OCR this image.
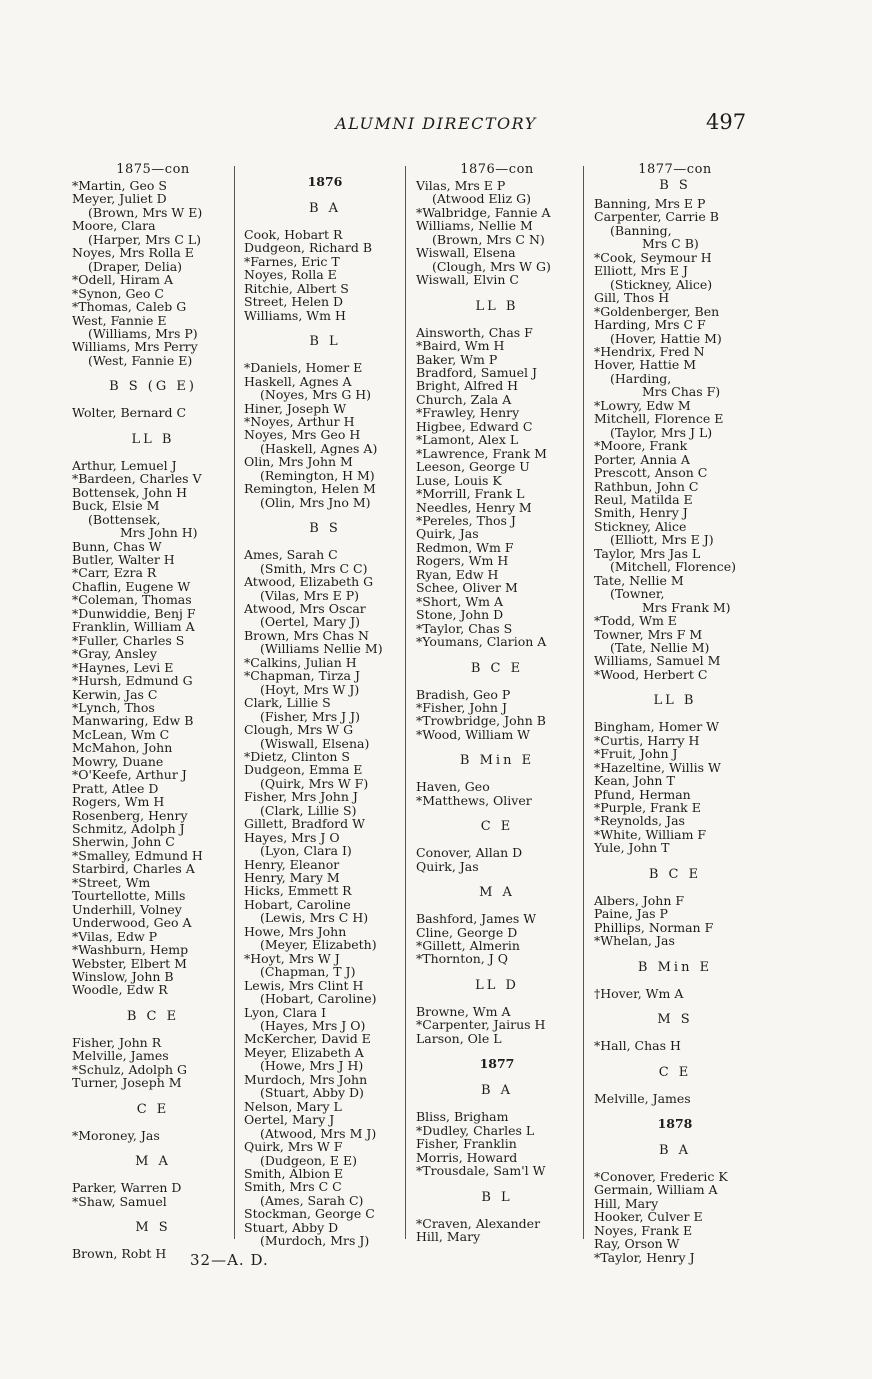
ALUMNI DIRECTORY	497
1875—con
*Martin, Geo S
Meyer, Juliet D
(Brown, Mrs W E)
Moore, Clara
(Harper, Mrs C L)
Noyes, Mrs Rolla E
(Draper, Delia)
*Odell, Hiram A
*Synon, Geo C
*Thomas, Caleb G
West, Fannie E
(Williams, Mrs P)
Williams, Mrs Perry
(West, Fannie E)
B S (G E)
Wolter, Bernard C
LL B
Arthur, Lemuel J
*Bardeen, Charles V
Bottensek, John H
Buck, Elsie M
(Bottensek,
Mrs John H)
Bunn, Chas W
Butler, Walter H
*Carr, Ezra R
Chaflin, Eugene W
*Coleman, Thomas
*Dunwiddie, Benj F
Franklin, William A
*Fuller, Charles S
*Gray, Ansley
*Haynes, Levi E
*Hursh, Edmund G
Kerwin, Jas C
*Lynch, Thos
Manwaring, Edw B
McLean, Wm C
McMahon, John
Mowry, Duane
*O'Keefe, Arthur J
Pratt, Atlee D
Rogers, Wm H
Rosenberg, Henry
Schmitz, Adolph J
Sherwin, John C
*Smalley, Edmund H
Starbird, Charles A
*Street, Wm
Tourtellotte, Mills
Underhill, Volney
Underwood, Geo A
*Vilas, Edw P
*Washburn, Hemp
Webster, Elbert M
Winslow, John B
Woodle, Edw R
B C E
Fisher, John R
Melville, James
*Schulz, Adolph G
Turner, Joseph M
C E
*Moroney, Jas
M A
Parker, Warren D
*Shaw, Samuel
M S
Brown, Robt H
1876
B A
Cook, Hobart R
Dudgeon, Richard B
*Farnes, Eric T
Noyes, Rolla E
Ritchie, Albert S
Street, Helen D
Williams, Wm H
B L
*Daniels, Homer E
Haskell, Agnes A
(Noyes, Mrs G H)
Hiner, Joseph W
*Noyes, Arthur H
Noyes, Mrs Geo H
(Haskell, Agnes A)
Olin, Mrs John M
(Remington, H M)
Remington, Helen M
(Olin, Mrs Jno M)
B S
Ames, Sarah C
(Smith, Mrs C C)
Atwood, Elizabeth G
(Vilas, Mrs E P)
Atwood, Mrs Oscar
(Oertel, Mary J)
Brown, Mrs Chas N
(Williams Nellie M)
*Calkins, Julian H
*Chapman, Tirza J
(Hoyt, Mrs W J)
Clark, Lillie S
(Fisher, Mrs J J)
Clough, Mrs W G
(Wiswall, Elsena)
*Dietz, Clinton S
Dudgeon, Emma E
(Quirk, Mrs W F)
Fisher, Mrs John J
(Clark, Lillie S)
Gillett, Bradford W
Hayes, Mrs J O
(Lyon, Clara I)
Henry, Eleanor
Henry, Mary M
Hicks, Emmett R
Hobart, Caroline
(Lewis, Mrs C H)
Howe, Mrs John
(Meyer, Elizabeth)
*Hoyt, Mrs W J
(Chapman, T J)
Lewis, Mrs Clint H
(Hobart, Caroline)
Lyon, Clara I
(Hayes, Mrs J O)
McKercher, David E
Meyer, Elizabeth A
(Howe, Mrs J H)
Murdoch, Mrs John
(Stuart, Abby D)
Nelson, Mary L
Oertel, Mary J
(Atwood, Mrs M J)
Quirk, Mrs W F
(Dudgeon, E E)
Smith, Albion E
Smith, Mrs C C
(Ames, Sarah C)
Stockman, George C
Stuart, Abby D
(Murdoch, Mrs J)
1876—con
Vilas, Mrs E P
(Atwood Eliz G)
*Walbridge, Fannie A
Williams, Nellie M
(Brown, Mrs C N)
Wiswall, Elsena
(Clough, Mrs W G)
Wiswall, Elvin C
LL B
Ainsworth, Chas F
*Baird, Wm H
Baker, Wm P
Bradford, Samuel J
Bright, Alfred H
Church, Zala A
*Frawley, Henry
Higbee, Edward C
*Lamont, Alex L
*Lawrence, Frank M
Leeson, George U
Luse, Louis K
*Morrill, Frank L
Needles, Henry M
*Pereles, Thos J
Quirk, Jas
Redmon, Wm F
Rogers, Wm H
Ryan, Edw H
Schee, Oliver M
*Short, Wm A
Stone, John D
*Taylor, Chas S
*Youmans, Clarion A
B C E
Bradish, Geo P
*Fisher, John J
*Trowbridge, John B
*Wood, William W
B Min E
Haven, Geo
*Matthews, Oliver
C E
Conover, Allan D
Quirk, Jas
M A
Bashford, James W
Cline, George D
*Gillett, Almerin
*Thornton, J Q
LL D
Browne, Wm A
*Carpenter, Jairus H
Larson, Ole L
1877
B A
Bliss, Brigham
*Dudley, Charles L
Fisher, Franklin
Morris, Howard
*Trousdale, Sam'l W
B L
*Craven, Alexander
Hill, Mary
1877—con
B S
Banning, Mrs E P
Carpenter, Carrie B
(Banning,
Mrs C B)
*Cook, Seymour H
Elliott, Mrs E J
(Stickney, Alice)
Gill, Thos H
*Goldenberger, Ben
Harding, Mrs C F
(Hover, Hattie M)
*Hendrix, Fred N
Hover, Hattie M
(Harding,
Mrs Chas F)
*Lowry, Edw M
Mitchell, Florence E
(Taylor, Mrs J L)
*Moore, Frank
Porter, Annia A
Prescott, Anson C
Rathbun, John C
Reul, Matilda E
Smith, Henry J
Stickney, Alice
(Elliott, Mrs E J)
Taylor, Mrs Jas L
(Mitchell, Florence)
Tate, Nellie M
(Towner,
Mrs Frank M)
*Todd, Wm E
Towner, Mrs F M
(Tate, Nellie M)
Williams, Samuel M
*Wood, Herbert C
LL B
Bingham, Homer W
*Curtis, Harry H
*Fruit, John J
*Hazeltine, Willis W
Kean, John T
Pfund, Herman
*Purple, Frank E
*Reynolds, Jas
*White, William F
Yule, John T
B C E
Albers, John F
Paine, Jas P
Phillips, Norman F
*Whelan, Jas
B Min E
†Hover, Wm A
M S
*Hall, Chas H
C E
Melville, James
1878
B A
*Conover, Frederic K
Germain, William A
Hill, Mary
Hooker, Culver E
Noyes, Frank E
Ray, Orson W
*Taylor, Henry J
32—A. D.
